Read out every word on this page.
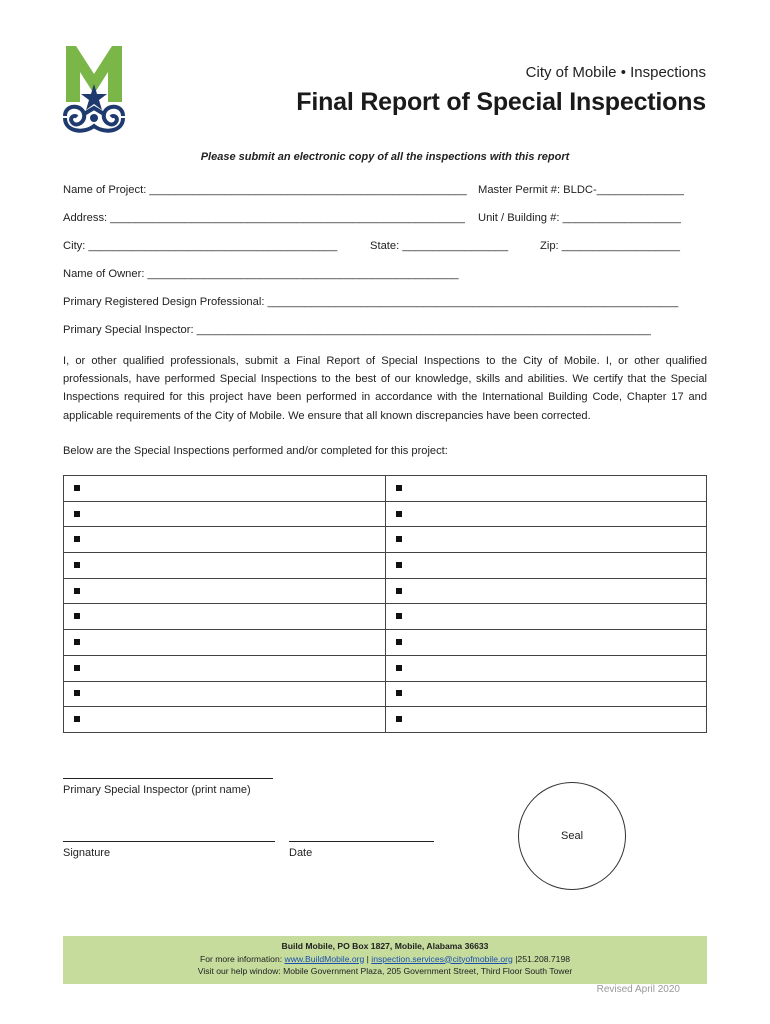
City of Mobile • Inspections
Final Report of Special Inspections
Please submit an electronic copy of all the inspections with this report
Name of Project: ___________________________________________________ Master Permit #: BLDC-______________
Address: _________________________________________________________ Unit / Building #: ___________________
City: ________________________________________	State: _________________	Zip: ___________________
Name of Owner: __________________________________________________
Primary Registered Design Professional: __________________________________________________________________
Primary Special Inspector: _________________________________________________________________________
I, or other qualified professionals, submit a Final Report of Special Inspections to the City of Mobile. I, or other qualified professionals, have performed Special Inspections to the best of our knowledge, skills and abilities. We certify that the Special Inspections required for this project have been performed in accordance with the International Building Code, Chapter 17 and applicable requirements of the City of Mobile. We ensure that all known discrepancies have been corrected.
Below are the Special Inspections performed and/or completed for this project:

Primary Special Inspector (print name)
Signature	Date
Seal
Build Mobile, PO Box 1827, Mobile, Alabama 36633
For more information: www.BuildMobile.org | inspection.services@cityofmobile.org |251.208.7198
Visit our help window: Mobile Government Plaza, 205 Government Street, Third Floor South Tower
Revised April 2020
